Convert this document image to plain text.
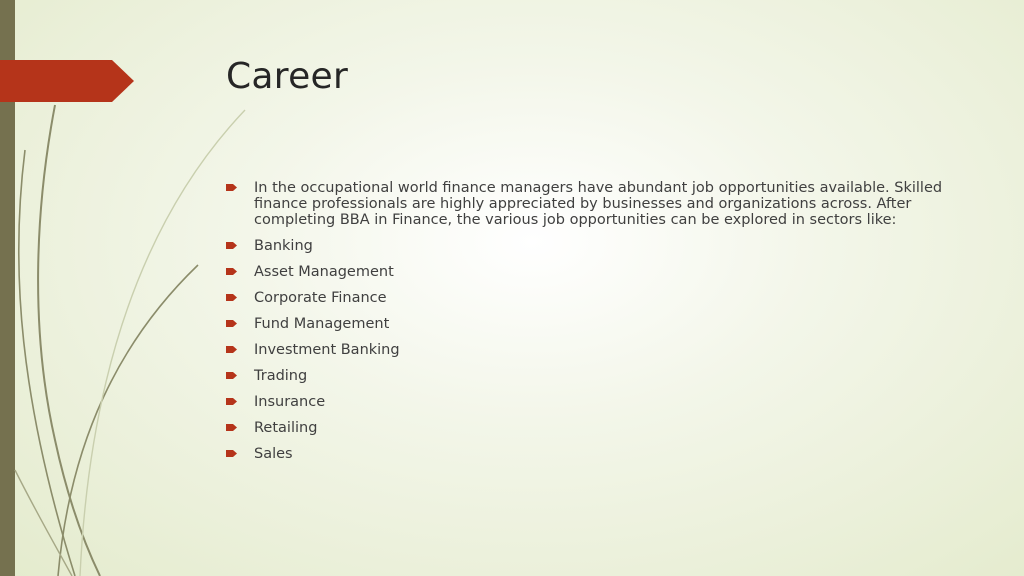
Career
In the occupational world finance managers have abundant job opportunities available. Skilled finance professionals are highly appreciated by businesses and organizations across. After completing BBA in Finance, the various job opportunities can be explored in sectors like:
Banking
Asset Management
Corporate Finance
Fund Management
Investment Banking
Trading
Insurance
Retailing
Sales
